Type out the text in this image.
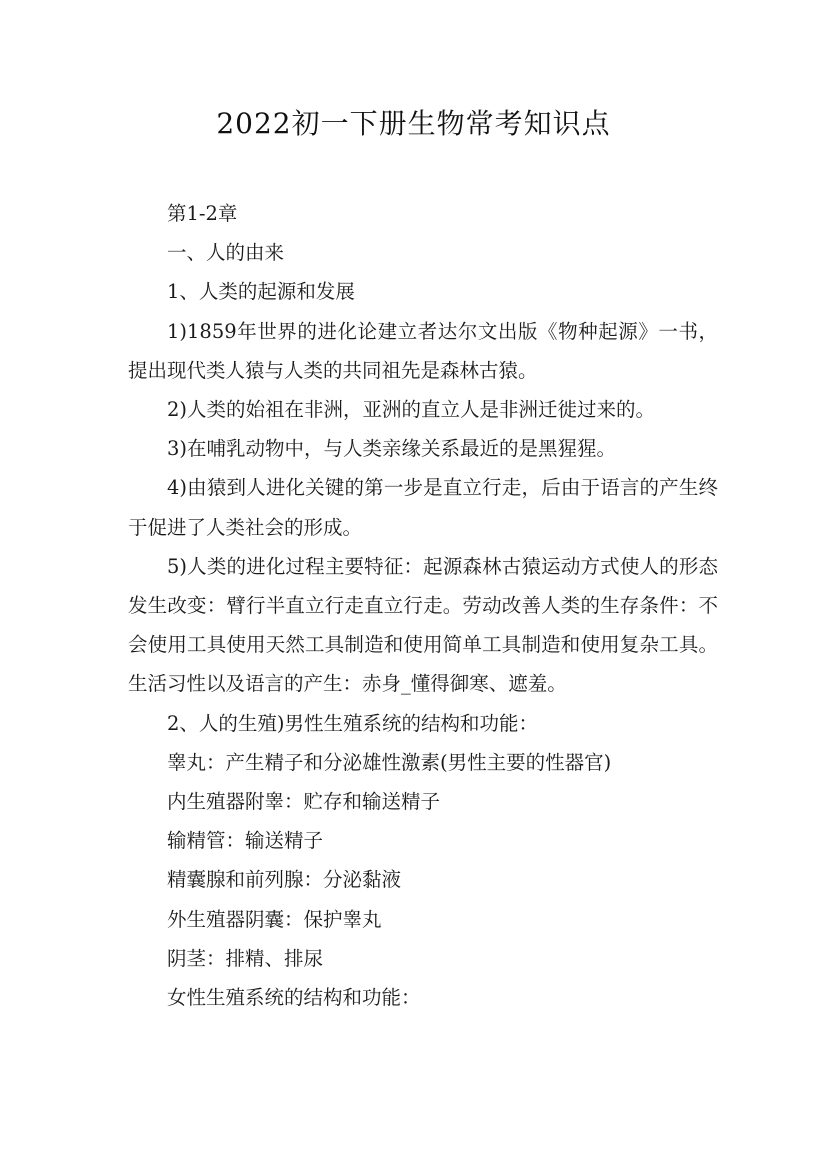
2022初一下册生物常考知识点

第1-2章

一、人的由来

1、人类的起源和发展

1)1859年世界的进化论建立者达尔文出版《物种起源》一书，提出现代类人猿与人类的共同祖先是森林古猿。

2)人类的始祖在非洲，亚洲的直立人是非洲迁徙过来的。

3)在哺乳动物中，与人类亲缘关系最近的是黑猩猩。

4)由猿到人进化关键的第一步是直立行走，后由于语言的产生终于促进了人类社会的形成。

5)人类的进化过程主要特征：起源森林古猿运动方式使人的形态发生改变：臂行半直立行走直立行走。劳动改善人类的生存条件：不会使用工具使用天然工具制造和使用简单工具制造和使用复杂工具。生活习性以及语言的产生：赤身_懂得御寒、遮羞。

2、人的生殖)男性生殖系统的结构和功能：

睾丸：产生精子和分泌雄性激素(男性主要的性器官)

内生殖器附睾：贮存和输送精子

输精管：输送精子

精囊腺和前列腺：分泌黏液

外生殖器阴囊：保护睾丸

阴茎：排精、排尿

女性生殖系统的结构和功能：
